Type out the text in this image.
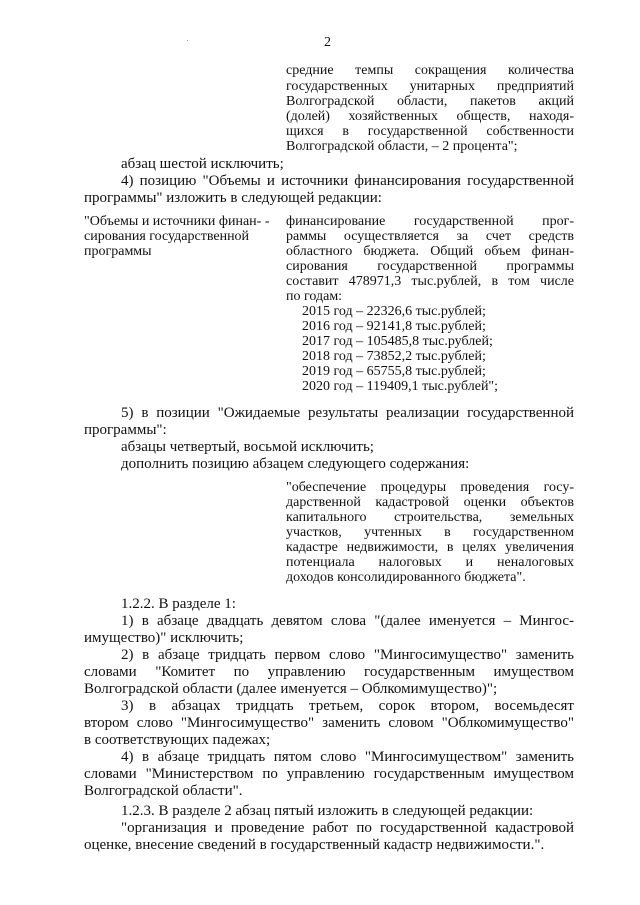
2
средние темпы сокращения количества
государственных унитарных предприятий
Волгоградской области, пакетов акций
(долей) хозяйственных обществ, находя-
щихся в государственной собственности
Волгоградской области, – 2 процента";
абзац шестой исключить;
4) позицию "Объемы и источники финансирования государственной
программы" изложить в следующей редакции:
"Объемы и источники финан- -
сирования государственной
программы
финансирование государственной прог-
раммы осуществляется за счет средств
областного бюджета. Общий объем финан-
сирования государственной программы
составит 478971,3 тыс.рублей, в том числе
по годам:
2015 год – 22326,6 тыс.рублей;
2016 год – 92141,8 тыс.рублей;
2017 год – 105485,8 тыс.рублей;
2018 год – 73852,2 тыс.рублей;
2019 год – 65755,8 тыс.рублей;
2020 год – 119409,1 тыс.рублей";
5) в позиции "Ожидаемые результаты реализации государственной
программы":
абзацы четвертый, восьмой исключить;
дополнить позицию абзацем следующего содержания:
"обеспечение процедуры проведения госу-
дарственной кадастровой оценки объектов
капитального строительства, земельных
участков, учтенных в государственном
кадастре недвижимости, в целях увеличения
потенциала налоговых и неналоговых
доходов консолидированного бюджета".
1.2.2. В разделе 1:
1) в абзаце двадцать девятом слова "(далее именуется – Мингос-
имущество)" исключить;
2) в абзаце тридцать первом слово "Мингосимущество" заменить
словами "Комитет по управлению государственным имуществом
Волгоградской области (далее именуется – Облкомимущество)";
3) в абзацах тридцать третьем, сорок втором, восемьдесят
втором слово "Мингосимущество" заменить словом "Облкомимущество"
в соответствующих падежах;
4) в абзаце тридцать пятом слово "Мингосимуществом" заменить
словами "Министерством по управлению государственным имуществом
Волгоградской области".
1.2.3. В разделе 2 абзац пятый изложить в следующей редакции:
"организация и проведение работ по государственной кадастровой
оценке, внесение сведений в государственный кадастр недвижимости.".
